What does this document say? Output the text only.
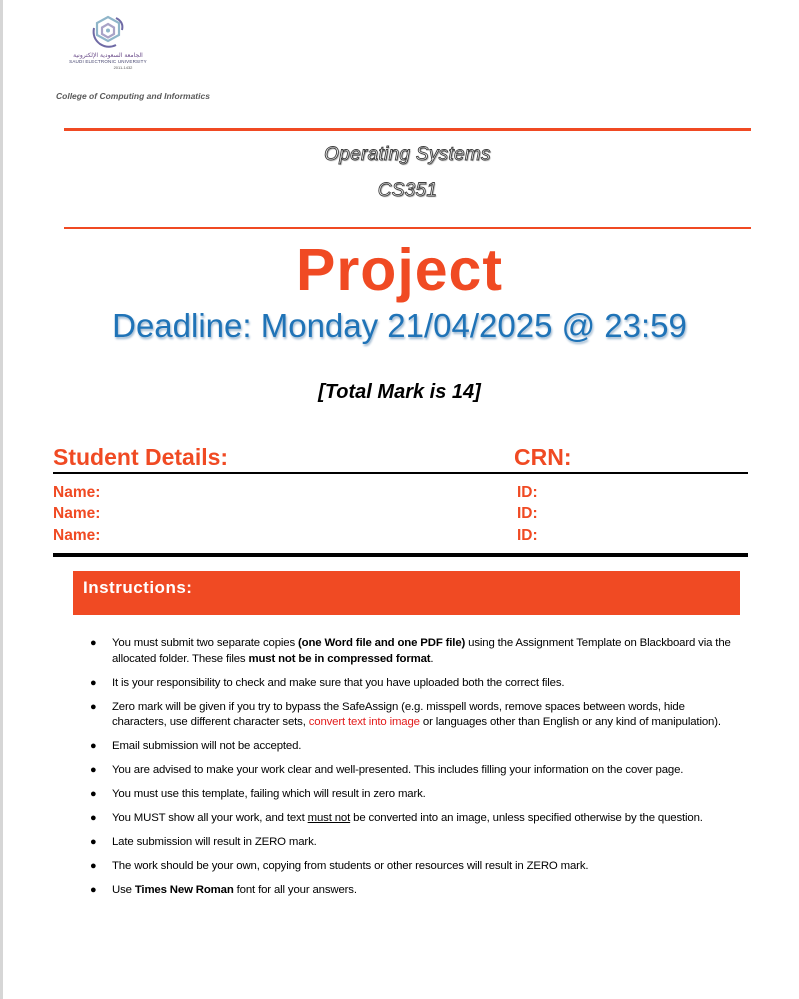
الجامعة السعودية الإلكترونية
SAUDI ELECTRONIC UNIVERSITY
2011-1432
College of Computing and Informatics
Operating Systems
CS351
Project
Deadline: Monday 21/04/2025 @ 23:59
[Total Mark is 14]
Student Details:	CRN:
Name:	ID:
Name:	ID:
Name:	ID:
Instructions:
● You must submit two separate copies (one Word file and one PDF file) using the Assignment Template on Blackboard via the allocated folder. These files must not be in compressed format.
● It is your responsibility to check and make sure that you have uploaded both the correct files.
● Zero mark will be given if you try to bypass the SafeAssign (e.g. misspell words, remove spaces between words, hide characters, use different character sets, convert text into image or languages other than English or any kind of manipulation).
● Email submission will not be accepted.
● You are advised to make your work clear and well-presented. This includes filling your information on the cover page.
● You must use this template, failing which will result in zero mark.
● You MUST show all your work, and text must not be converted into an image, unless specified otherwise by the question.
● Late submission will result in ZERO mark.
● The work should be your own, copying from students or other resources will result in ZERO mark.
● Use Times New Roman font for all your answers.
